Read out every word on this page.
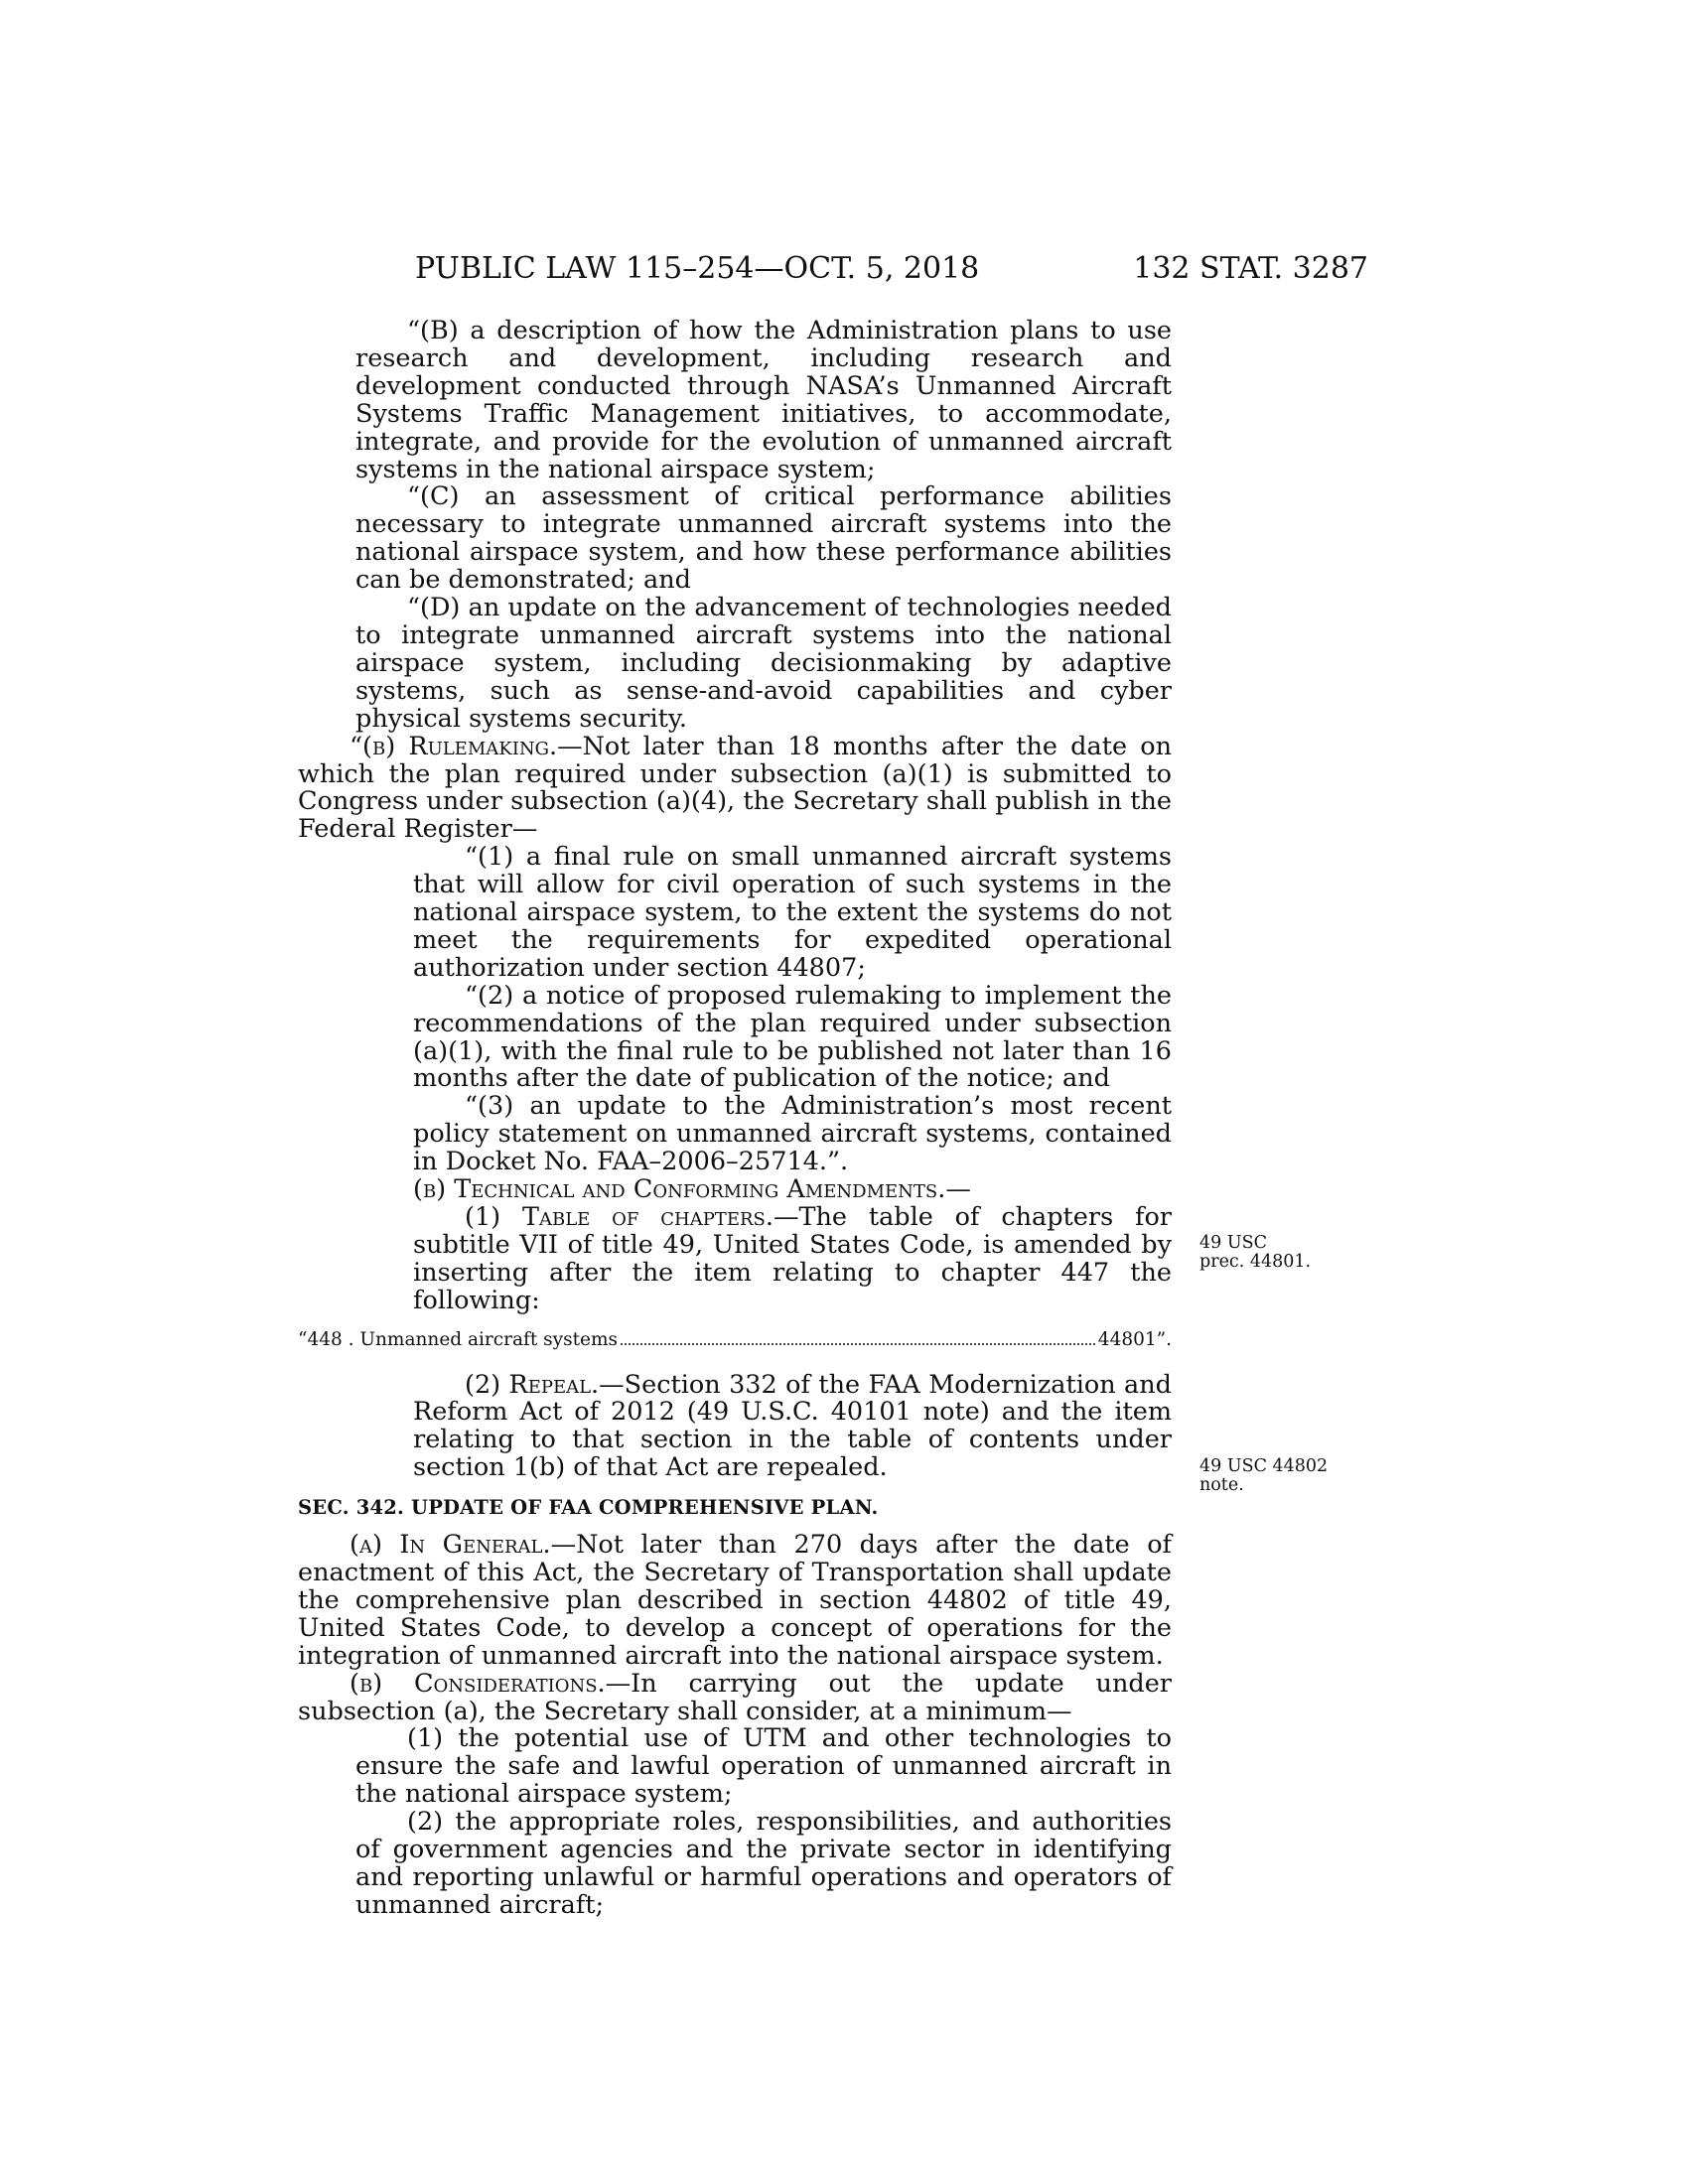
PUBLIC LAW 115–254—OCT. 5, 2018	132 STAT. 3287

“(B) a description of how the Administration plans to use research and development, including research and development conducted through NASA’s Unmanned Aircraft Systems Traffic Management initiatives, to accommodate, integrate, and provide for the evolution of unmanned aircraft systems in the national airspace system;

“(C) an assessment of critical performance abilities necessary to integrate unmanned aircraft systems into the national airspace system, and how these performance abilities can be demonstrated; and

“(D) an update on the advancement of technologies needed to integrate unmanned aircraft systems into the national airspace system, including decisionmaking by adaptive systems, such as sense-and-avoid capabilities and cyber physical systems security.

“(b) Rulemaking.—Not later than 18 months after the date on which the plan required under subsection (a)(1) is submitted to Congress under subsection (a)(4), the Secretary shall publish in the Federal Register—

“(1) a final rule on small unmanned aircraft systems that will allow for civil operation of such systems in the national airspace system, to the extent the systems do not meet the requirements for expedited operational authorization under section 44807;

“(2) a notice of proposed rulemaking to implement the recommendations of the plan required under subsection (a)(1), with the final rule to be published not later than 16 months after the date of publication of the notice; and

“(3) an update to the Administration’s most recent policy statement on unmanned aircraft systems, contained in Docket No. FAA–2006–25714.”.

(b) Technical and Conforming Amendments.—

(1) Table of chapters.—The table of chapters for subtitle VII of title 49, United States Code, is amended by inserting after the item relating to chapter 447 the following:

“448 . Unmanned aircraft systems	44801”.

(2) Repeal.—Section 332 of the FAA Modernization and Reform Act of 2012 (49 U.S.C. 40101 note) and the item relating to that section in the table of contents under section 1(b) of that Act are repealed.

SEC. 342. UPDATE OF FAA COMPREHENSIVE PLAN.

(a) In General.—Not later than 270 days after the date of enactment of this Act, the Secretary of Transportation shall update the comprehensive plan described in section 44802 of title 49, United States Code, to develop a concept of operations for the integration of unmanned aircraft into the national airspace system.

(b) Considerations.—In carrying out the update under subsection (a), the Secretary shall consider, at a minimum—

(1) the potential use of UTM and other technologies to ensure the safe and lawful operation of unmanned aircraft in the national airspace system;

(2) the appropriate roles, responsibilities, and authorities of government agencies and the private sector in identifying and reporting unlawful or harmful operations and operators of unmanned aircraft;

49 USC
prec. 44801.
49 USC 44802
note.
